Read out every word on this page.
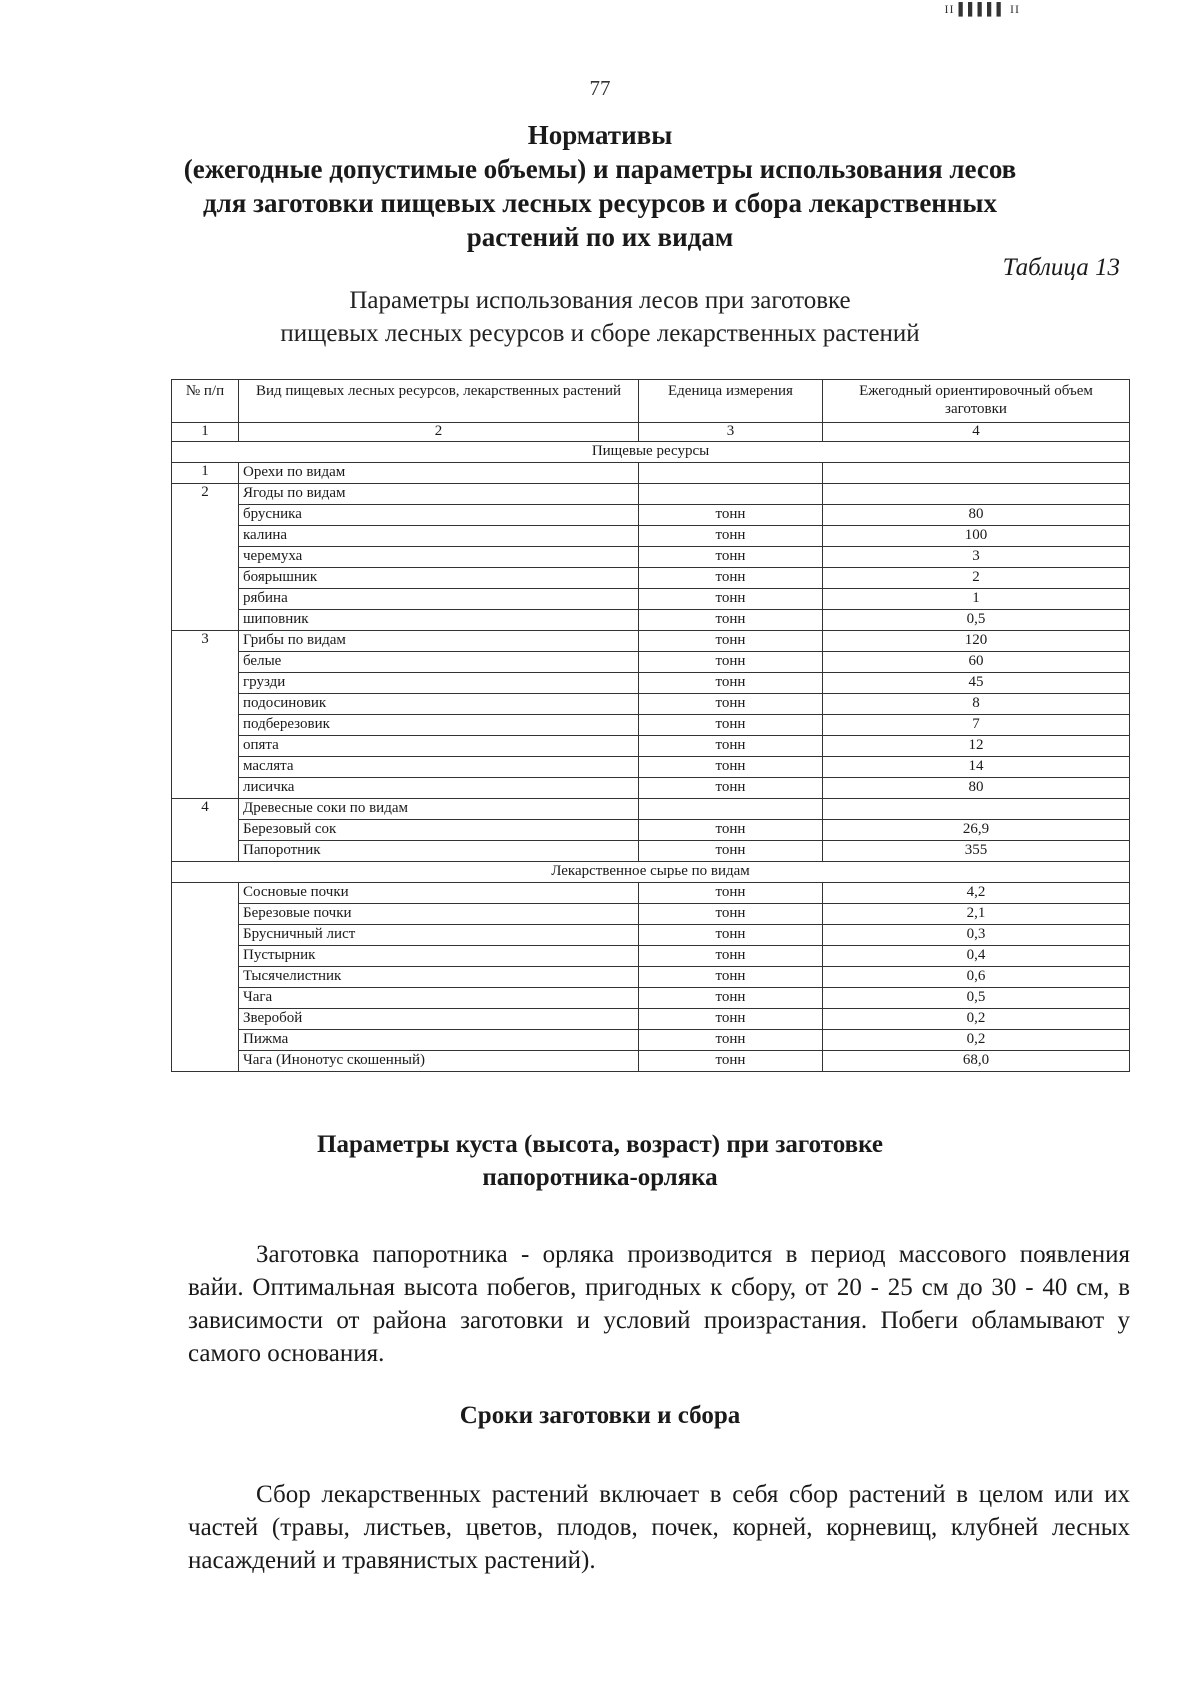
II ▌▌▌▌▌ II
77
Нормативы
(ежегодные допустимые объемы) и параметры использования лесов
для заготовки пищевых лесных ресурсов и сбора лекарственных
растений по их видам
Таблица 13
Параметры использования лесов при заготовке
пищевых лесных ресурсов и сборе лекарственных растений
№ п/п	Вид пищевых лесных ресурсов, лекарственных растений	Еденица измерения	Ежегодный ориентировочный объем заготовки
1	2	3	4
Пищевые ресурсы			
1	Орехи по видам		
2	Ягоды по видам		
	брусника	тонн	80
	калина	тонн	100
	черемуха	тонн	3
	боярышник	тонн	2
	рябина	тонн	1
	шиповник	тонн	0,5
3	Грибы по видам	тонн	120
	белые	тонн	60
	грузди	тонн	45
	подосиновик	тонн	8
	подберезовик	тонн	7
	опята	тонн	12
	маслята	тонн	14
	лисичка	тонн	80
4	Древесные соки по видам		
	Березовый сок	тонн	26,9
	Папоротник	тонн	355
Лекарственное сырье по видам			
	Сосновые почки	тонн	4,2
	Березовые почки	тонн	2,1
	Брусничный лист	тонн	0,3
	Пустырник	тонн	0,4
	Тысячелистник	тонн	0,6
	Чага	тонн	0,5
	Зверобой	тонн	0,2
	Пижма	тонн	0,2
	Чага (Инонотус скошенный)	тонн	68,0
Параметры куста (высота, возраст) при заготовке
папоротника-орляка
Заготовка папоротника - орляка производится в период массового появления вайи. Оптимальная высота побегов, пригодных к сбору, от 20 - 25 см до 30 - 40 см, в зависимости от района заготовки и условий произрастания. Побеги обламывают у самого основания.
Сроки заготовки и сбора
Сбор лекарственных растений включает в себя сбор растений в целом или их частей (травы, листьев, цветов, плодов, почек, корней, корневищ, клубней лесных насаждений и травянистых растений).
